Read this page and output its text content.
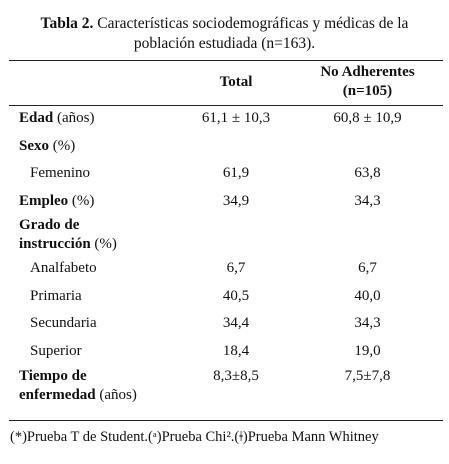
Tabla 2. Características sociodemográficas y médicas de la
población estudiada (n=163).
	Total	No Adherentes
(n=105)

Edad (años)	61,1 ± 10,3	60,8 ± 10,9
Sexo (%)		
Femenino	61,9	63,8
Empleo (%)	34,9	34,3
Grado de
instrucción (%)		
Analfabeto	6,7	6,7
Primaria	40,5	40,0
Secundaria	34,4	34,3
Superior	18,4	19,0
Tiempo de
enfermedad (años)	8,3±8,5	7,5±7,8
(*)Prueba T de Student.(ᵃ)Prueba Chi².(ǂ)Prueba Mann Whitney
